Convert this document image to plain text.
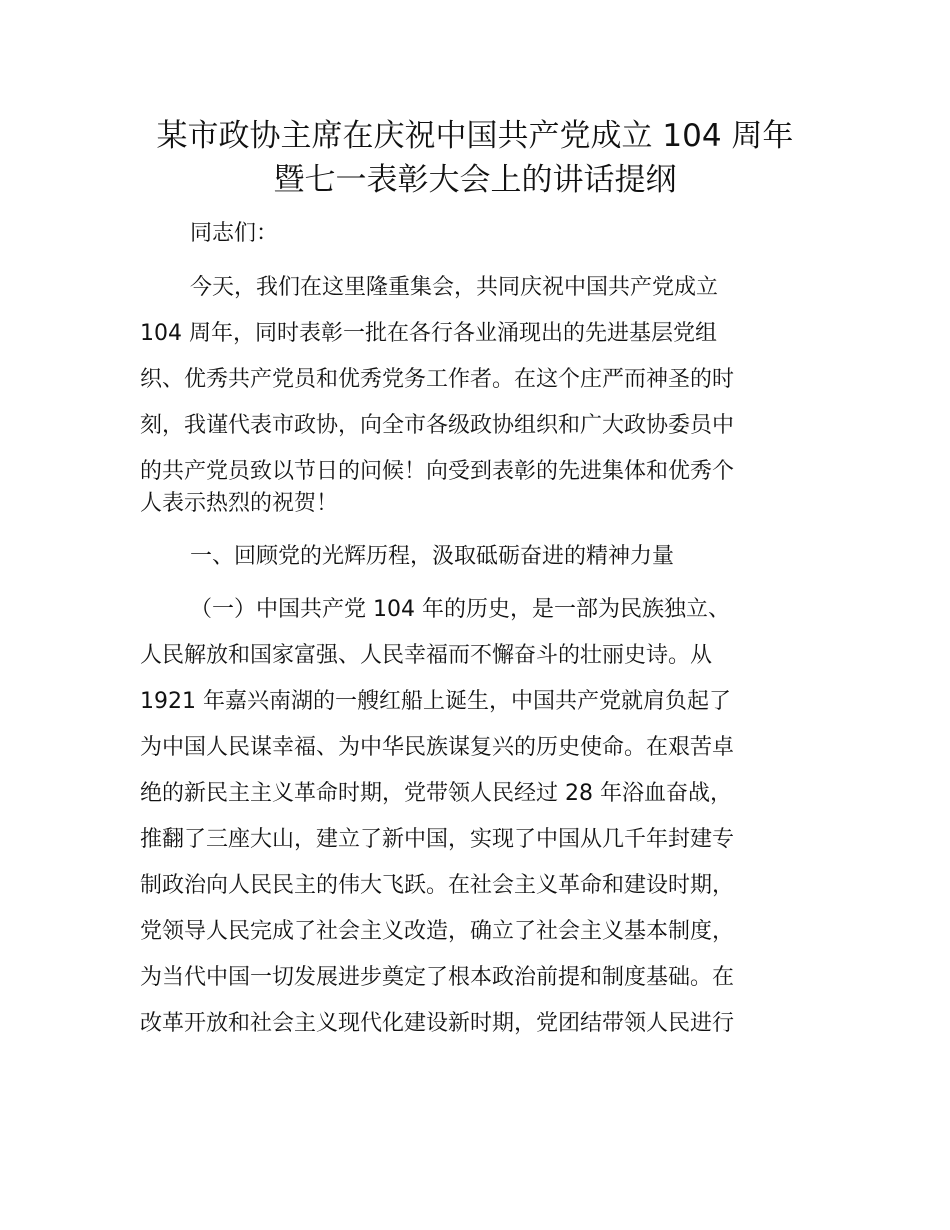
某市政协主席在庆祝中国共产党成立 104 周年
暨七一表彰大会上的讲话提纲

同志们：

今天，我们在这里隆重集会，共同庆祝中国共产党成立

104 周年，同时表彰一批在各行各业涌现出的先进基层党组

织、优秀共产党员和优秀党务工作者。在这个庄严而神圣的时

刻，我谨代表市政协，向全市各级政协组织和广大政协委员中

的共产党员致以节日的问候！向受到表彰的先进集体和优秀个

人表示热烈的祝贺！

一、回顾党的光辉历程，汲取砥砺奋进的精神力量

（一）中国共产党 104 年的历史，是一部为民族独立、

人民解放和国家富强、人民幸福而不懈奋斗的壮丽史诗。从

1921 年嘉兴南湖的一艘红船上诞生，中国共产党就肩负起了

为中国人民谋幸福、为中华民族谋复兴的历史使命。在艰苦卓

绝的新民主主义革命时期，党带领人民经过 28 年浴血奋战，

推翻了三座大山，建立了新中国，实现了中国从几千年封建专

制政治向人民民主的伟大飞跃。在社会主义革命和建设时期，

党领导人民完成了社会主义改造，确立了社会主义基本制度，

为当代中国一切发展进步奠定了根本政治前提和制度基础。在

改革开放和社会主义现代化建设新时期，党团结带领人民进行
